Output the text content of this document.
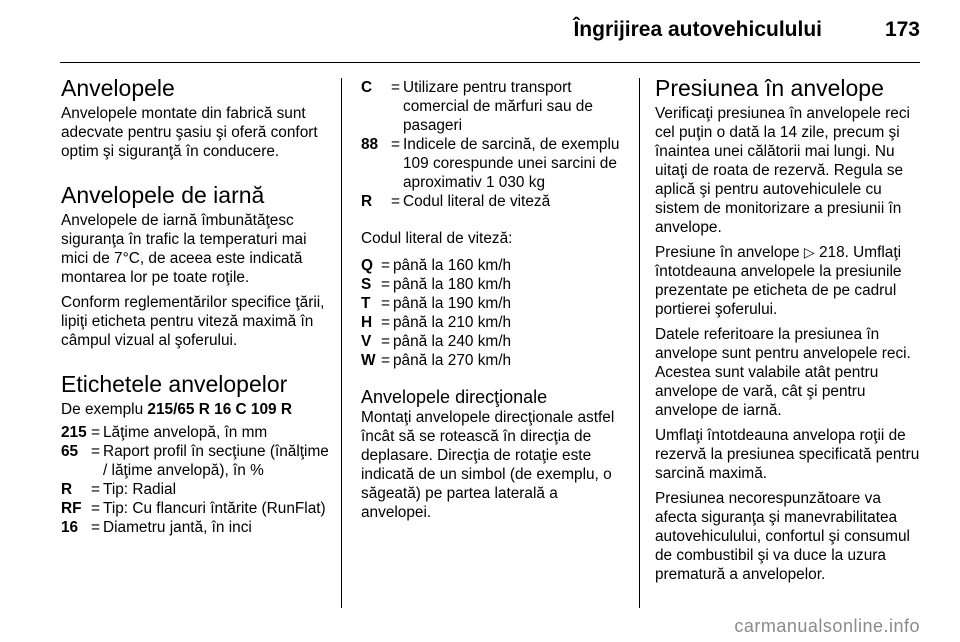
Îngrijirea autovehiculului	173
Anvelopele

Anvelopele montate din fabrică sunt adecvate pentru şasiu şi oferă confort optim şi siguranţă în conducere.

Anvelopele de iarnă

Anvelopele de iarnă îmbunătăţesc siguranţa în trafic la temperaturi mai mici de 7°C, de aceea este indicată montarea lor pe toate roţile.

Conform reglementărilor specifice ţării, lipiţi eticheta pentru viteză maximă în câmpul vizual al şoferului.

Etichetele anvelopelor

De exemplu 215/65 R 16 C 109 R

215 = Lăţime anvelopă, în mm
65 = Raport profil în secţiune (înălţime / lăţime anvelopă), în %
R	= Tip: Radial
RF = Tip: Cu flancuri întărite (RunFlat)
16 = Diametru jantă, în inci
C	= Utilizare pentru transport comercial de mărfuri sau de pasageri
88 = Indicele de sarcină, de exemplu 109 corespunde unei sarcini de aproximativ 1 030 kg
R	= Codul literal de viteză

Codul literal de viteză:

Q = până la 160 km/h
S = până la 180 km/h
T = până la 190 km/h
H = până la 210 km/h
V = până la 240 km/h
W = până la 270 km/h
Anvelopele direcţionale

Montaţi anvelopele direcţionale astfel încât să se rotească în direcţia de deplasare. Direcţia de rotaţie este indicată de un simbol (de exemplu, o săgeată) pe partea laterală a anvelopei.

Presiunea în anvelope

Verificaţi presiunea în anvelopele reci cel puţin o dată la 14 zile, precum şi înaintea unei călătorii mai lungi. Nu uitaţi de roata de rezervă. Regula se aplică şi pentru autovehiculele cu sistem de monitorizare a presiunii în anvelope.

Presiune în anvelope ▷ 218. Umflaţi întotdeauna anvelopele la presiunile prezentate pe eticheta de pe cadrul portierei şoferului.

Datele referitoare la presiunea în anvelope sunt pentru anvelopele reci. Acestea sunt valabile atât pentru anvelope de vară, cât şi pentru anvelope de iarnă.

Umflaţi întotdeauna anvelopa roţii de rezervă la presiunea specificată pentru sarcină maximă.

Presiunea necorespunzătoare va afecta siguranţa şi manevrabilitatea autovehiculului, confortul şi consumul de combustibil şi va duce la uzura prematură a anvelopelor.

carmanualsonline.info
